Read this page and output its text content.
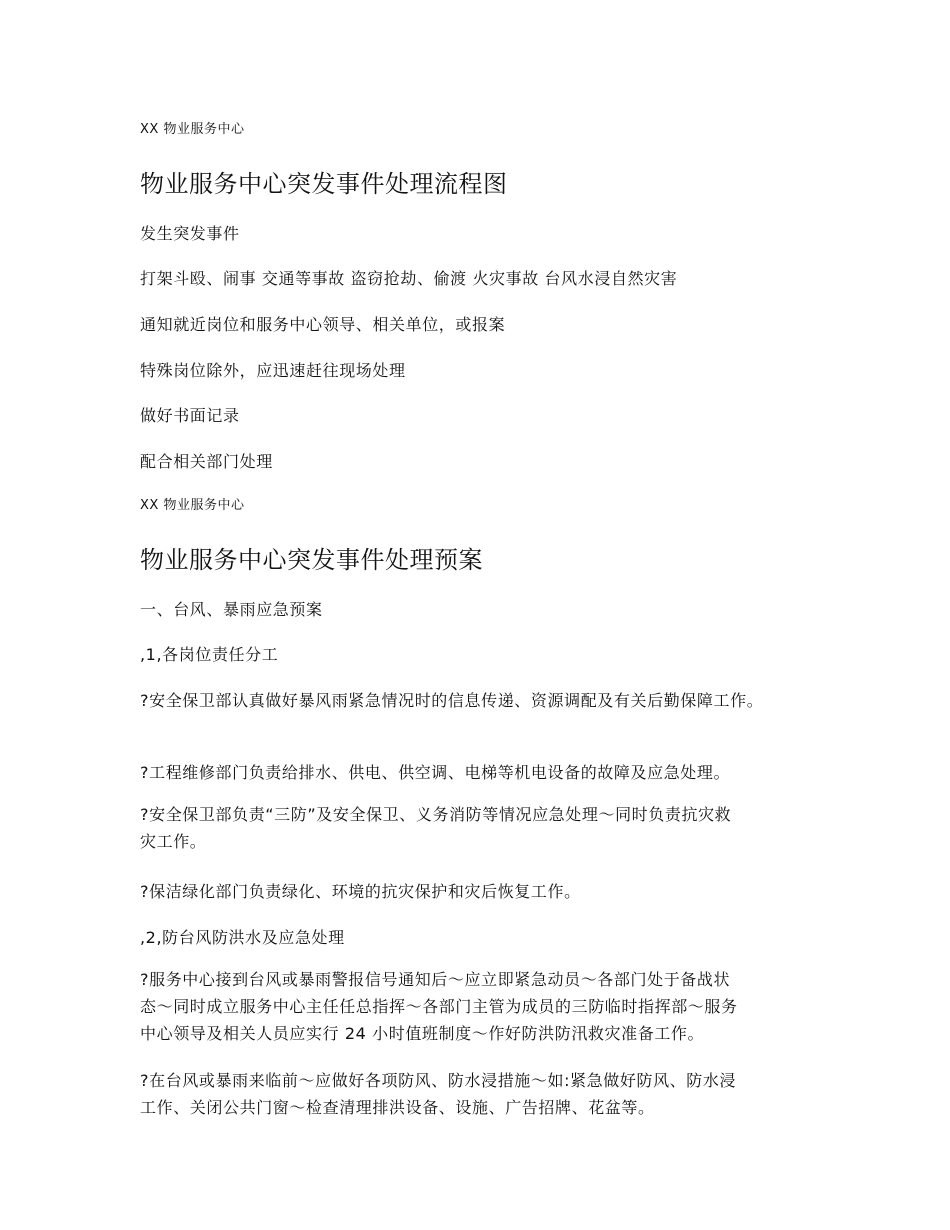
XX 物业服务中心

物业服务中心突发事件处理流程图

发生突发事件

打架斗殴、闹事 交通等事故 盗窃抢劫、偷渡 火灾事故 台风水浸自然灾害

通知就近岗位和服务中心领导、相关单位，或报案

特殊岗位除外，应迅速赶往现场处理

做好书面记录

配合相关部门处理

XX 物业服务中心

物业服务中心突发事件处理预案

一、台风、暴雨应急预案

,1,各岗位责任分工

?安全保卫部认真做好暴风雨紧急情况时的信息传递、资源调配及有关后勤保障工作。

?工程维修部门负责给排水、供电、供空调、电梯等机电设备的故障及应急处理。

?安全保卫部负责“三防”及安全保卫、义务消防等情况应急处理～同时负责抗灾救
灾工作。

?保洁绿化部门负责绿化、环境的抗灾保护和灾后恢复工作。

,2,防台风防洪水及应急处理

?服务中心接到台风或暴雨警报信号通知后～应立即紧急动员～各部门处于备战状
态～同时成立服务中心主任任总指挥～各部门主管为成员的三防临时指挥部～服务
中心领导及相关人员应实行 24 小时值班制度～作好防洪防汛救灾准备工作。

?在台风或暴雨来临前～应做好各项防风、防水浸措施～如:紧急做好防风、防水浸
工作、关闭公共门窗～检查清理排洪设备、设施、广告招牌、花盆等。
